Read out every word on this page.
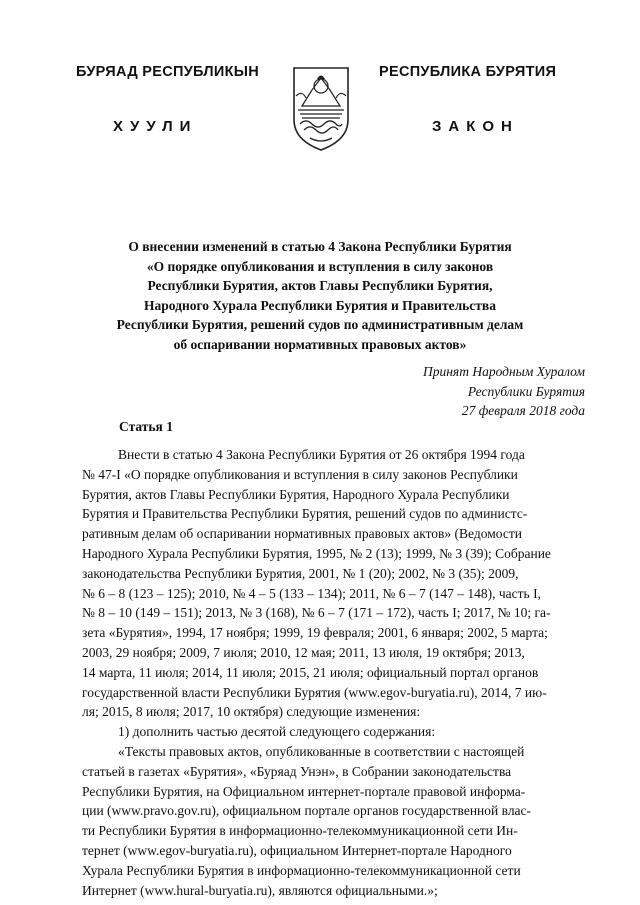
БУРЯАД РЕСПУБЛИКЫН
ХУУЛИ
РЕСПУБЛИКА БУРЯТИЯ
ЗАКОН
О внесении изменений в статью 4 Закона Республики Бурятия
«О порядке опубликования и вступления в силу законов
Республики Бурятия, актов Главы Республики Бурятия,
Народного Хурала Республики Бурятия и Правительства
Республики Бурятия, решений судов по административным делам
об оспаривании нормативных правовых актов»
Принят Народным Хуралом
Республики Бурятия
27 февраля 2018 года
Статья 1

Внести в статью 4 Закона Республики Бурятия от 26 октября 1994 года
№ 47-I «О порядке опубликования и вступления в силу законов Республики
Бурятия, актов Главы Республики Бурятия, Народного Хурала Республики
Бурятия и Правительства Республики Бурятия, решений судов по администс-
ративным делам об оспаривании нормативных правовых актов» (Ведомости
Народного Хурала Республики Бурятия, 1995, № 2 (13); 1999, № 3 (39); Собрание
законодательства Республики Бурятия, 2001, № 1 (20); 2002, № 3 (35); 2009,
№ 6 – 8 (123 – 125); 2010, № 4 – 5 (133 – 134); 2011, № 6 – 7 (147 – 148), часть I,
№ 8 – 10 (149 – 151); 2013, № 3 (168), № 6 – 7 (171 – 172), часть I; 2017, № 10; га-
зета «Бурятия», 1994, 17 ноября; 1999, 19 февраля; 2001, 6 января; 2002, 5 марта;
2003, 29 ноября; 2009, 7 июля; 2010, 12 мая; 2011, 13 июля, 19 октября; 2013,
14 марта, 11 июля; 2014, 11 июля; 2015, 21 июля; официальный портал органов
государственной власти Республики Бурятия (www.egov-buryatia.ru), 2014, 7 ию-
ля; 2015, 8 июля; 2017, 10 октября) следующие изменения:

1) дополнить частью десятой следующего содержания:

«Тексты правовых актов, опубликованные в соответствии с настоящей
статьей в газетах «Бурятия», «Буряад Унэн», в Собрании законодательства
Республики Бурятия, на Официальном интернет-портале правовой информа-
ции (www.pravo.gov.ru), официальном портале органов государственной влас-
ти Республики Бурятия в информационно-телекоммуникационной сети Ин-
тернет (www.egov-buryatia.ru), официальном Интернет-портале Народного
Хурала Республики Бурятия в информационно-телекоммуникационной сети
Интернет (www.hural-buryatia.ru), являются официальными.»;
